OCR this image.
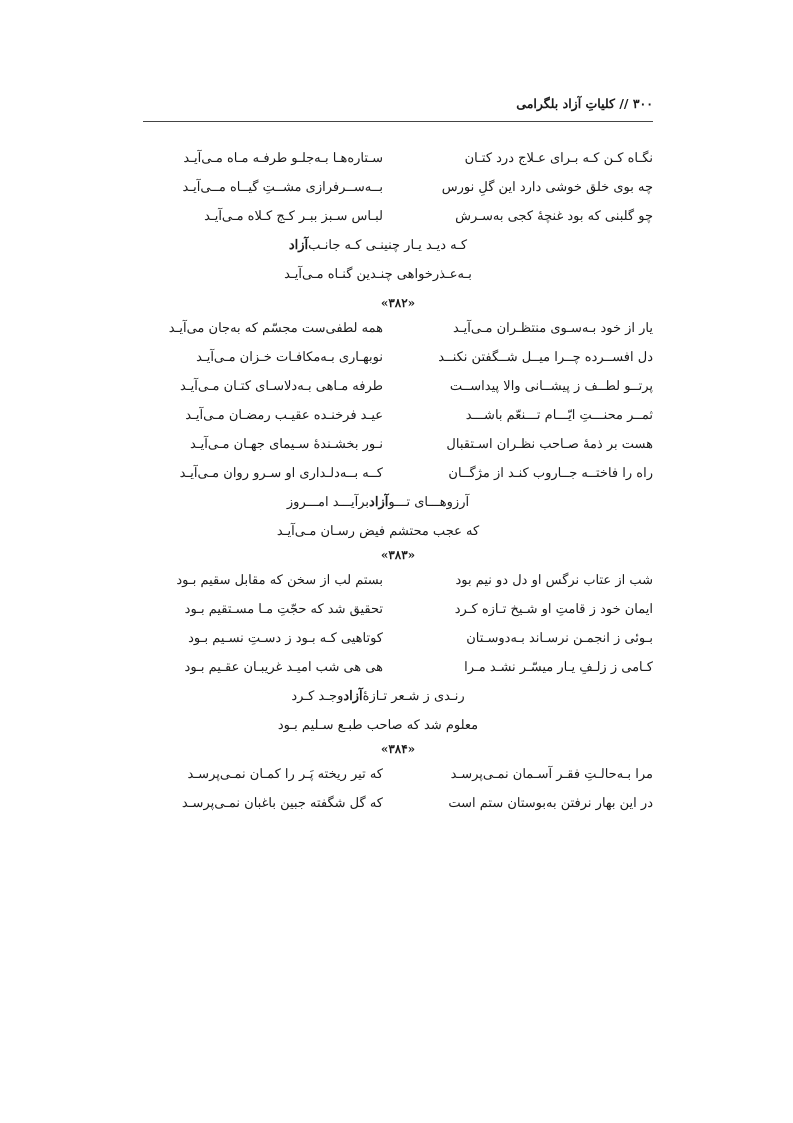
۳۰۰ // کلیاتِ آزاد بلگرامی
نگـاه کـن کـه بـرای عـلاج درد کتـان
سـتاره‌هـا بـه‌جلـو طرفـه مـاه مـی‌آیـد
چه بوی خلق خوشی دارد این گلِ نورس
بــه‌ســرفرازی مشــتِ گیــاه مــی‌آیـد
چو گلبنی که بود غنچهٔ کجی به‌سـرش
لبـاس سـبز ببـر کـج کـلاه مـی‌آیـد
کـه دیـد یـار چنینـی کـه جانـب
آزاد
بـه‌عـذرخواهی چنـدین گنـاه مـی‌آیـد
«۳۸۲»
یار از خود بـه‌سـوی منتظـران مـی‌آیـد
همه لطفی‌ست مجسّم که به‌جان می‌آیـد
دل افســرده چــرا میــل شــگفتن نکنــد
نوبهـاری بـه‌مکافـات خـزان مـی‌آیـد
پرتــو لطــف ز پیشــانی والا پیداســت
طرفه مـاهی بـه‌دلاسـای کتـان مـی‌آیـد
ثمــر محنـــتِ ایّـــام تـــنعّم باشـــد
عیـد فرخنـده عقیـب رمضـان مـی‌آیـد
هست بر ذمهٔ صـاحب نظـران اسـتقبال
نـور بخشـندهٔ سـیمای جهـان مـی‌آیـد
راه را فاختــه جــاروب کنـد از مژگــان
کــه بــه‌دلـداری او سـرو روان مـی‌آیـد
آرزوهـــای تـــو
آزاد
برآیـــد امـــروز
که عجب محتشم فیض رسـان مـی‌آیـد
«۳۸۳»
شب از عتاب نرگس او دل دو نیم بود
بستم لب از سخن که مقابل سقیم بـود
ایمان خود ز قامتِ او شـیخ تـازه کـرد
تحقیق شد که حجّتِ مـا مسـتقیم بـود
بـوئی ز انجمـن نرسـاند بـه‌دوسـتان
کوتاهیی کـه بـود ز دسـتِ نسـیم بـود
کـامی ز زلـفِ یـار میسّـر نشـد مـرا
هی هی شب امیـد غریبـان عقـیم بـود
رنـدی ز شـعر تـازهٔ
آزاد
وجـد کـرد
معلوم شد که صاحب طبـع سـلیم بـود
«۳۸۴»
مرا بـه‌حالـتِ فقـر آسـمان نمـی‌پرسـد
که تیر ریخته پَـر را کمـان نمـی‌پرسـد
در این بهار نرفتن به‌بوستان ستم است
که گل شگفته جبین باغبان نمـی‌پرسـد
